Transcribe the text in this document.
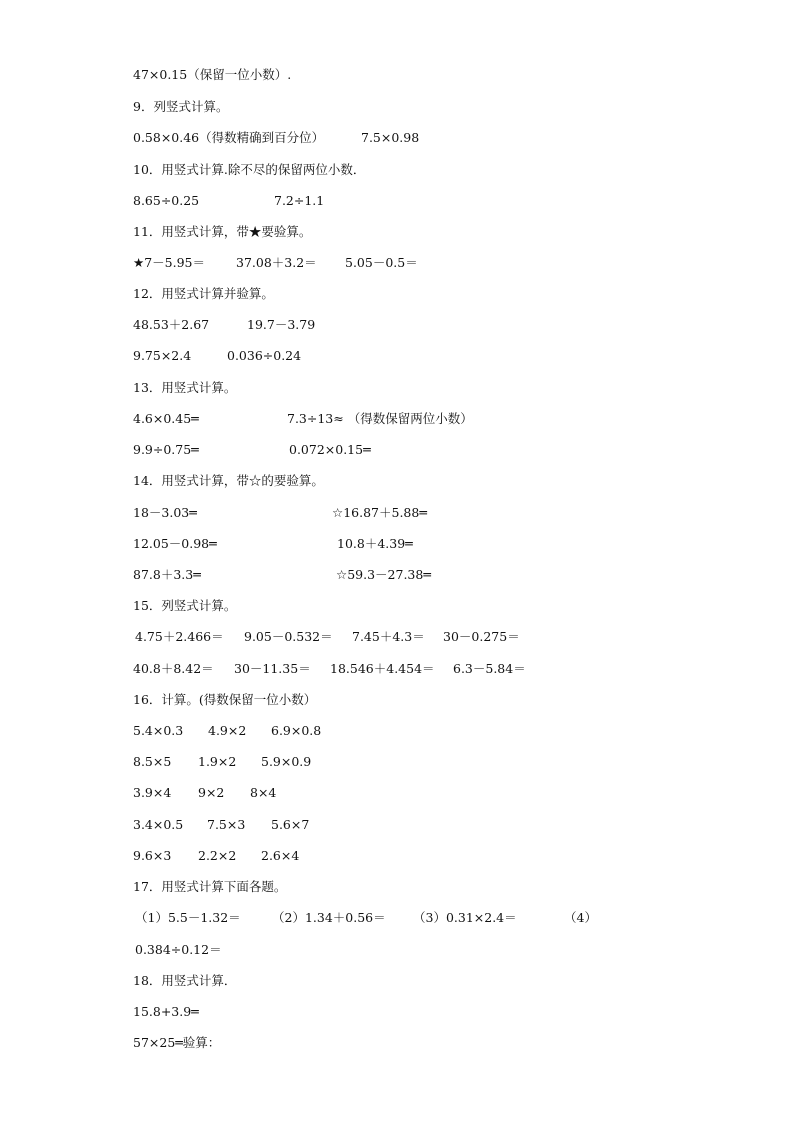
47×0.15（保留一位小数）.
9．列竖式计算。
0.58×0.46（得数精确到百分位）	7.5×0.98
10．用竖式计算.除不尽的保留两位小数．
8.65÷0.25	7.2÷1.1
11．用竖式计算，带★要验算。
★7－5.95＝ 37.08＋3.2＝ 5.05－0.5＝
12．用竖式计算并验算。
48.53＋2.67	19.7－3.79
9.75×2.4	0.036÷0.24
13．用竖式计算。
4.6×0.45═	7.3÷13≈ （得数保留两位小数）
9.9÷0.75═	0.072×0.15═
14．用竖式计算，带☆的要验算。
18－3.03═	☆16.87＋5.88═
12.05－0.98═	10.8＋4.39═
87.8＋3.3═	☆59.3－27.38═
15．列竖式计算。
4.75＋2.466＝ 9.05－0.532＝ 7.45＋4.3＝ 30－0.275＝
40.8＋8.42＝ 30－11.35＝ 18.546＋4.454＝ 6.3－5.84＝
16．计算。(得数保留一位小数）
5.4×0.3 4.9×2 6.9×0.8
8.5×5 1.9×2 5.9×0.9
3.9×4 9×2 8×4
3.4×0.5 7.5×3 5.6×7
9.6×3 2.2×2 2.6×4
17．用竖式计算下面各题。
（1）5.5－1.32＝	（2）1.34＋0.56＝ （3）0.31×2.4＝	（4）
0.384÷0.12＝
18．用竖式计算．
15.8+3.9═
57×25═验算：
